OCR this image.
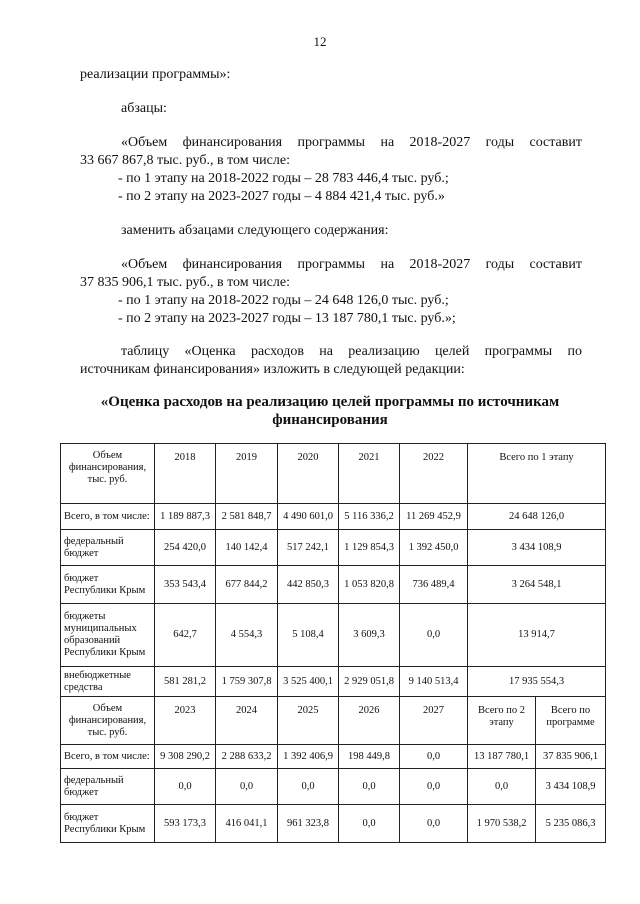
12
реализации программы»:
абзацы:
«Объем финансирования программы на 2018-2027 годы составит
33 667 867,8 тыс. руб., в том числе:
- по 1 этапу на 2018-2022 годы – 28 783 446,4 тыс. руб.;
- по 2 этапу на 2023-2027 годы – 4 884 421,4 тыс. руб.»
заменить абзацами следующего содержания:
«Объем финансирования программы на 2018-2027 годы составит
37 835 906,1 тыс. руб., в том числе:
- по 1 этапу на 2018-2022 годы – 24 648 126,0 тыс. руб.;
- по 2 этапу на 2023-2027 годы – 13 187 780,1 тыс. руб.»;
таблицу «Оценка расходов на реализацию целей программы по
источникам финансирования» изложить в следующей редакции:
«Оценка расходов на реализацию целей программы по источникам
финансирования
Объем финансирования, тыс. руб.	2018	2019	2020	2021	2022	Всего по 1 этапу	
Всего, в том числе:	1 189 887,3	2 581 848,7	4 490 601,0	5 116 336,2	11 269 452,9	24 648 126,0	
федеральный бюджет	254 420,0	140 142,4	517 242,1	1 129 854,3	1 392 450,0	3 434 108,9	
бюджет Республики Крым	353 543,4	677 844,2	442 850,3	1 053 820,8	736 489,4	3 264 548,1	
бюджеты муниципальных образований Республики Крым	642,7	4 554,3	5 108,4	3 609,3	0,0	13 914,7	
внебюджетные средства	581 281,2	1 759 307,8	3 525 400,1	2 929 051,8	9 140 513,4	17 935 554,3	
Объем финансирования, тыс. руб.	2023	2024	2025	2026	2027	Всего по 2 этапу	Всего по программе
Всего, в том числе:	9 308 290,2	2 288 633,2	1 392 406,9	198 449,8	0,0	13 187 780,1	37 835 906,1
федеральный бюджет	0,0	0,0	0,0	0,0	0,0	0,0	3 434 108,9
бюджет Республики Крым	593 173,3	416 041,1	961 323,8	0,0	0,0	1 970 538,2	5 235 086,3
